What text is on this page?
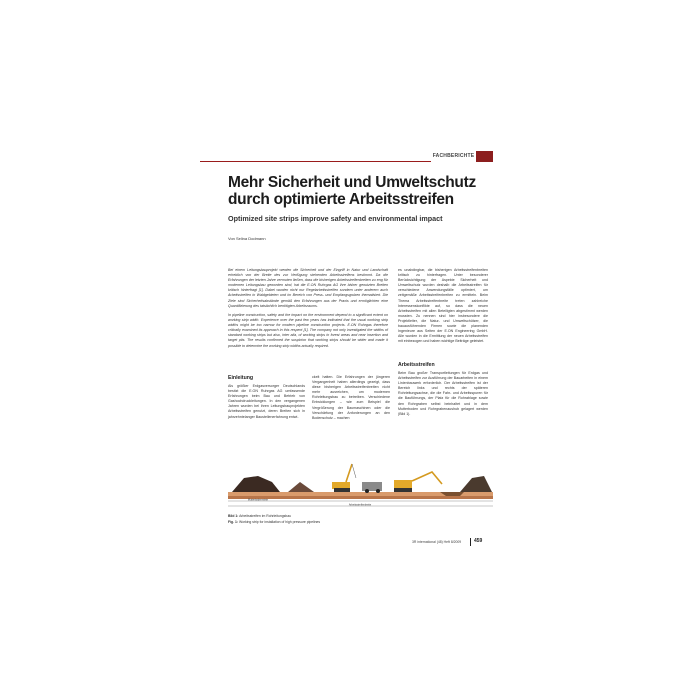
FACHBERICHTE
Mehr Sicherheit und Umweltschutz
durch optimierte Arbeitsstreifen
Optimized site strips improve safety and environmental impact
Von Selina Dodmann
Bei einem Leitungsbauprojekt werden die Sicherheit und der Eingriff in Natur und Landschaft erheblich von der Breite des zur Verfügung stehenden Arbeitsstreifens bestimmt. Da die Erfahrungen der letzten Jahre vermuten ließen, dass die bisherigen Arbeitsstreifenbreiten zu eng für modernen Leitungsbau geworden sind, hat die E.ON Ruhrgas AG ihre bisher genutzten Breiten kritisch hinterfragt [1]. Dabei wurden nicht nur Regelarbeitsstreifen sondern unter anderem auch Arbeitsstreifen in Waldgebieten und im Bereich von Press- und Empfangsgruben thematisiert. Die Ziele sind Sicherheitsabstände gemäß den Erfahrungen aus der Praxis und ermöglichten eine Quantifizierung des tatsächlich benötigten Arbeitsraums.
In pipeline construction, safety and the impact on the environment depend to a significant extent on working strip width. Experience over the past few years has indicated that the usual working strip widths might be too narrow for modern pipeline construction projects. E.ON Ruhrgas therefore critically examined its approach in this respect [1]. The company not only investigated the widths of standard working strips but also, inter alia, of working strips in forest areas and near insertion and target pits. The results confirmed the suspicion that working strips should be wider and made it possible to determine the working strip widths actually required.
es unabdingbar, die bisherigen Arbeitsstreifenbreiten kritisch zu hinterfragen. Unter besonderer Berücksichtigung der Aspekte Sicherheit und Umweltschutz wurden deshalb die Arbeitsstreifen für verschiedene Anwendungsfälle optimiert, um zeitgemäße Arbeitsstreifenbreiten zu ermitteln. Beim Thema Arbeitsstreifenbreite treten zahlreiche Interessenskonflikte auf, so dass die neuen Arbeitsstreifen mit allen Beteiligten abgestimmt werden mussten. Zu nennen sind hier insbesondere die Projektleiter, die Natur- und Umweltschützer, die bauausführenden Firmen sowie die planenden Ingenieure aus Seiten der E.ON Engineering GmbH. Alle wurden in die Ermittlung der neuen Arbeitsstreifen mit einbezogen und haben wichtige Beiträge geleistet.
Einleitung
Als größter Erdgasversorger Deutschlands besitzt die E.ON Ruhrgas AG umfassende Erfahrungen beim Bau und Betrieb von Gashochdruckleitungen. In den vergangenen Jahren wurden bei ihren Leitungsbauprojekten Arbeitsstreifen genutzt, deren Breiten sich in jahrzehntelanger Baustellenerfahrung entwi-
ckelt hatten. Die Erfahrungen der jüngeren Vergangenheit haben allerdings gezeigt, dass diese bisherigen Arbeitsstreifenbreiten nicht mehr ausreichen, um modernen Rohrleitungsbau zu betreiben. Verschiedene Entwicklungen – wie zum Beispiel die Vergrößerung der Baumaschinen oder die Verschärfung der Anforderungen an den Bodenschutz – machen
Arbeitsstreifen
Beim Bau großer Transportleitungen für Erdgas und Arbeitsstreifen zur Ausführung der Bauarbeiten in einem Linienbauwerk erforderlich. Der Arbeitsstreifen ist der Bereich links und rechts der späteren Rohrleitungsachse, die die Fahr- und Arbeitsspuren für die Bauführungs, der Platz für die Rohrablage sowie den Rohrgraben selbst beinhaltet und in dem Mutterboden und Rohrgrabenaushub gelagert werden (Bild 1).
Mutterbodenmiete
Arbeitsstreifenbreite
Bild 1: Arbeitsstreifen im Rohrleitungsbau
Fig. 1: Working strip for installation of high pressure pipelines
3R international (48) Heft 8/2009	459
